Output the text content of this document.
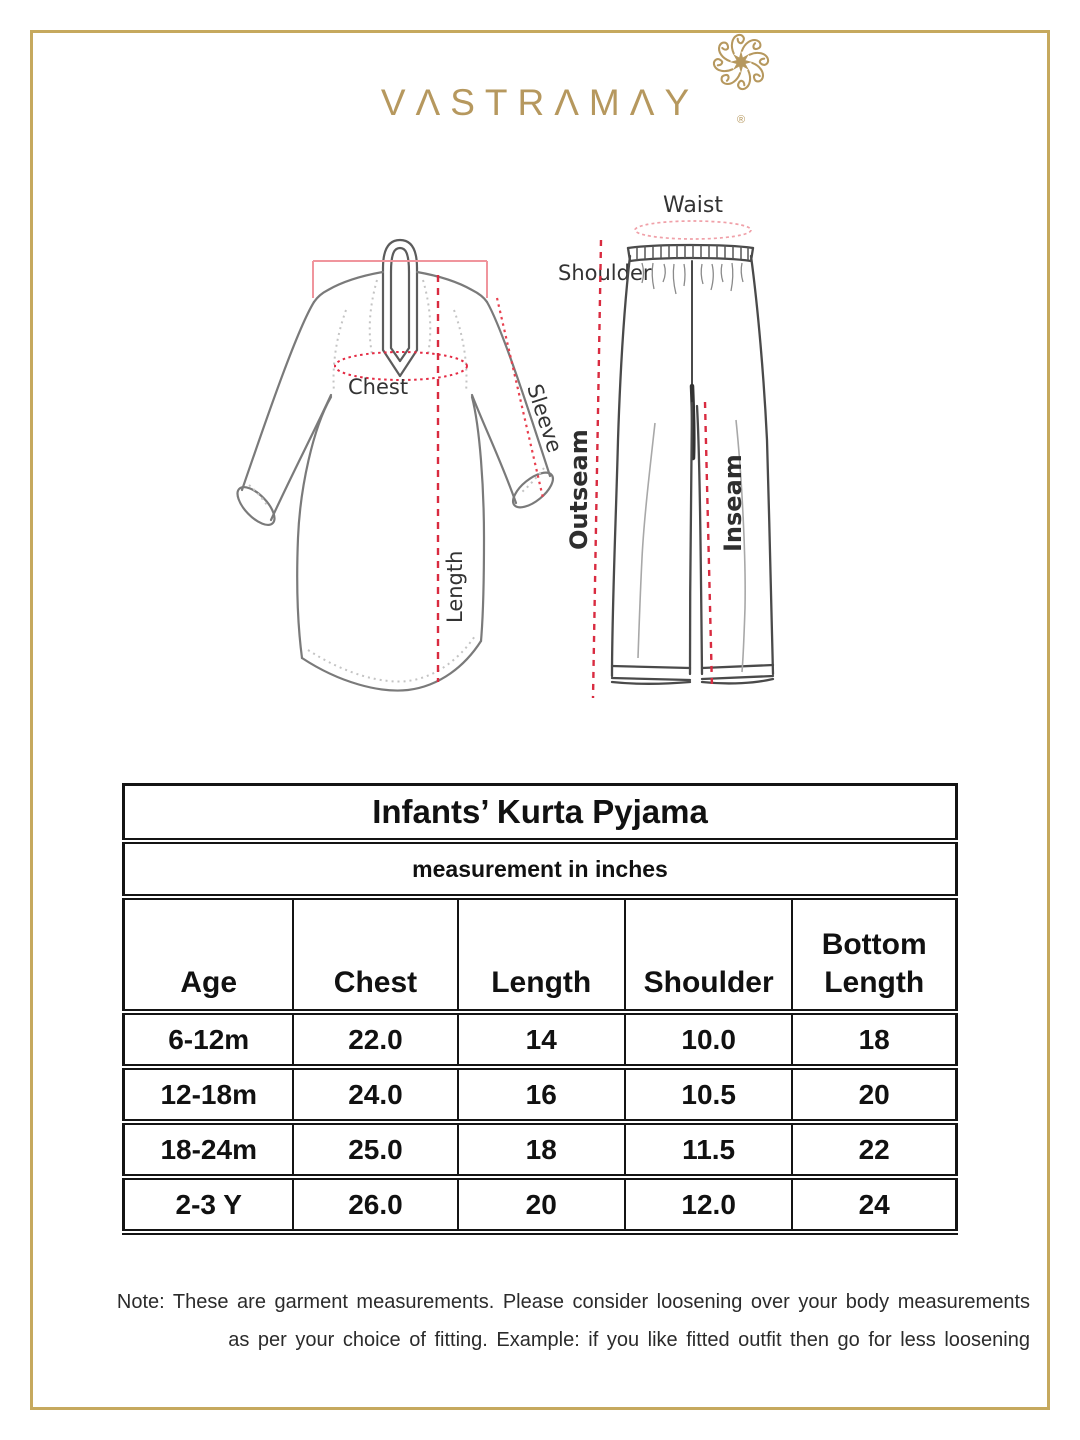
VΛSTRΛMΛY	®
Shoulder
Chest	Sleeve
Length
Waist
Outseam	Inseam
Infants’ Kurta Pyjama				
measurement in inches				
Age	Chest	Length	Shoulder	Bottom Length
6-12m	22.0	14	10.0	18
12-18m	24.0	16	10.5	20
18-24m	25.0	18	11.5	22
2-3 Y	26.0	20	12.0	24
Note: These are garment measurements. Please consider loosening over your body measurements
as per your choice of fitting. Example: if you like fitted outfit then go for less loosening
